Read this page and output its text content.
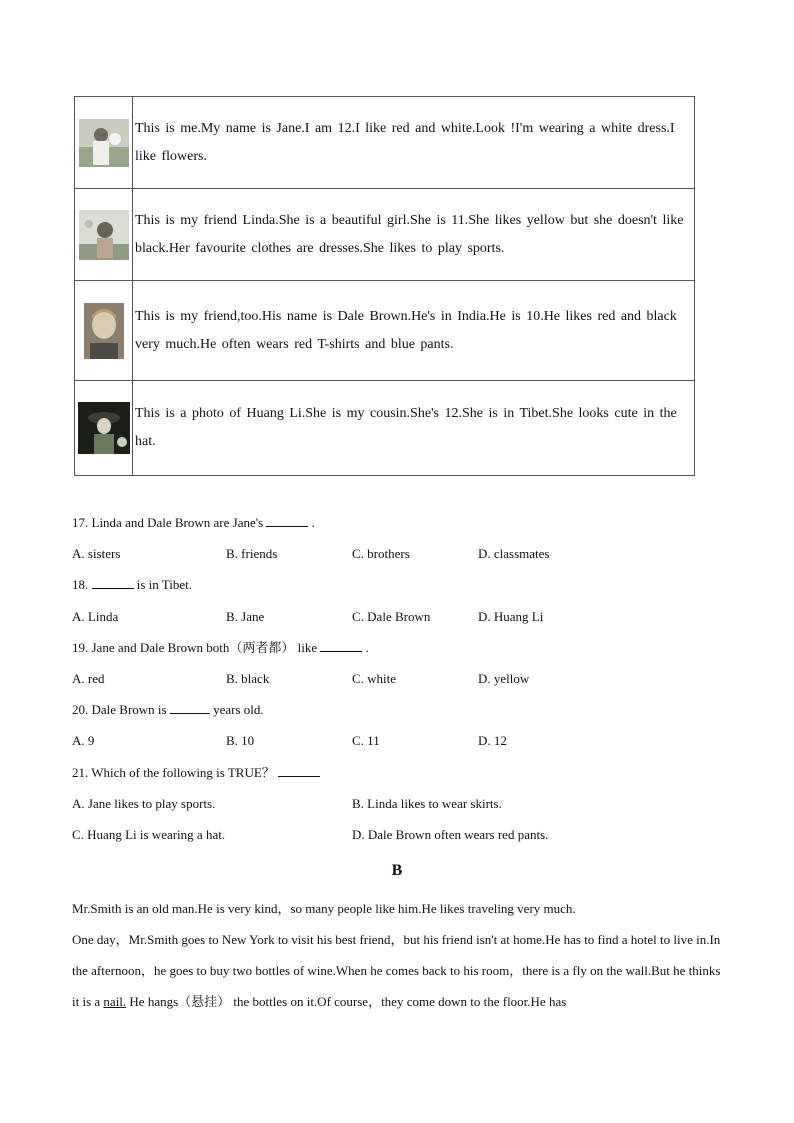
	This is me.My name is Jane.I am 12.I like red and white.Look !I'm wearing a white dress.I like flowers.

	This is my friend Linda.She is a beautiful girl.She is 11.She likes yellow but she doesn't like black.Her favourite clothes are dresses.She likes to play sports.

	This is my friend,too.His name is Dale Brown.He's in India.He is 10.He likes red and black very much.He often wears red T-shirts and blue pants.

	This is a photo of Huang Li.She is my cousin.She's 12.She is in Tibet.She looks cute in the hat.
17. Linda and Dale Brown are Jane's	.
A. sisters	B. friends	C. brothers	D. classmates
18.	is in Tibet.
A. Linda	B. Jane	C. Dale Brown	D. Huang Li
19. Jane and Dale Brown both（两者都） like	.
A. red	B. black	C. white	D. yellow
20. Dale Brown is	years old.
A. 9	B. 10	C. 11	D. 12
21. Which of the following is TRUE？
A. Jane likes to play sports.	B. Linda likes to wear skirts.
C. Huang Li is wearing a hat.	D. Dale Brown often wears red pants.
B
Mr.Smith is an old man.He is very kind，so many people like him.He likes traveling very much.
One day，Mr.Smith goes to New York to visit his best friend，but his friend isn't at home.He has to find a hotel to live in.In the afternoon，he goes to buy two bottles of wine.When he comes back to his room，there is a fly on the wall.But he thinks it is a nail. He hangs（悬挂） the bottles on it.Of course，they come down to the floor.He has
